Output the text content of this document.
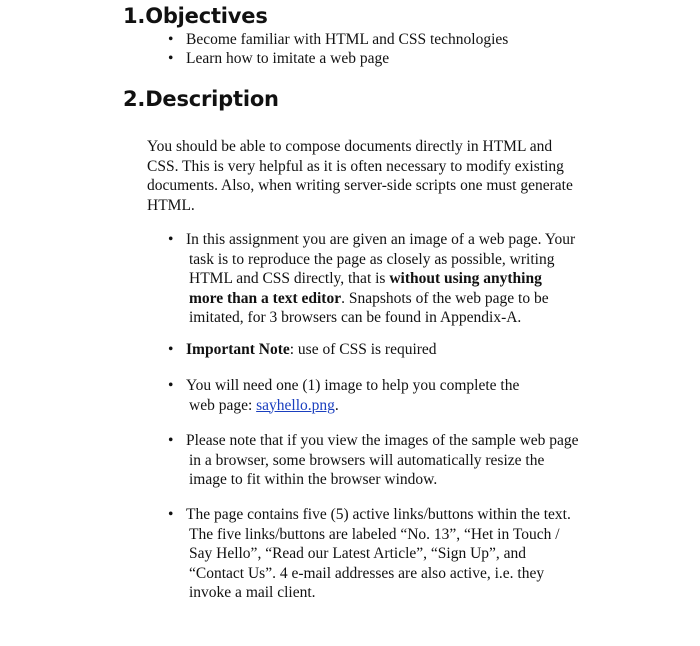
1.Objectives
• Become familiar with HTML and CSS technologies
• Learn how to imitate a web page
2.Description

You should be able to compose documents directly in HTML and
CSS. This is very helpful as it is often necessary to modify existing
documents. Also, when writing server-side scripts one must generate
HTML.

• In this assignment you are given an image of a web page. Your
task is to reproduce the page as closely as possible, writing
HTML and CSS directly, that is without using anything
more than a text editor. Snapshots of the web page to be
imitated, for 3 browsers can be found in Appendix-A.
• Important Note: use of CSS is required
• You will need one (1) image to help you complete the
web page: sayhello.png.
• Please note that if you view the images of the sample web page
in a browser, some browsers will automatically resize the
image to fit within the browser window.
• The page contains five (5) active links/buttons within the text.
The five links/buttons are labeled “No. 13”, “Het in Touch /
Say Hello”, “Read our Latest Article”, “Sign Up”, and
“Contact Us”. 4 e-mail addresses are also active, i.e. they
invoke a mail client.
